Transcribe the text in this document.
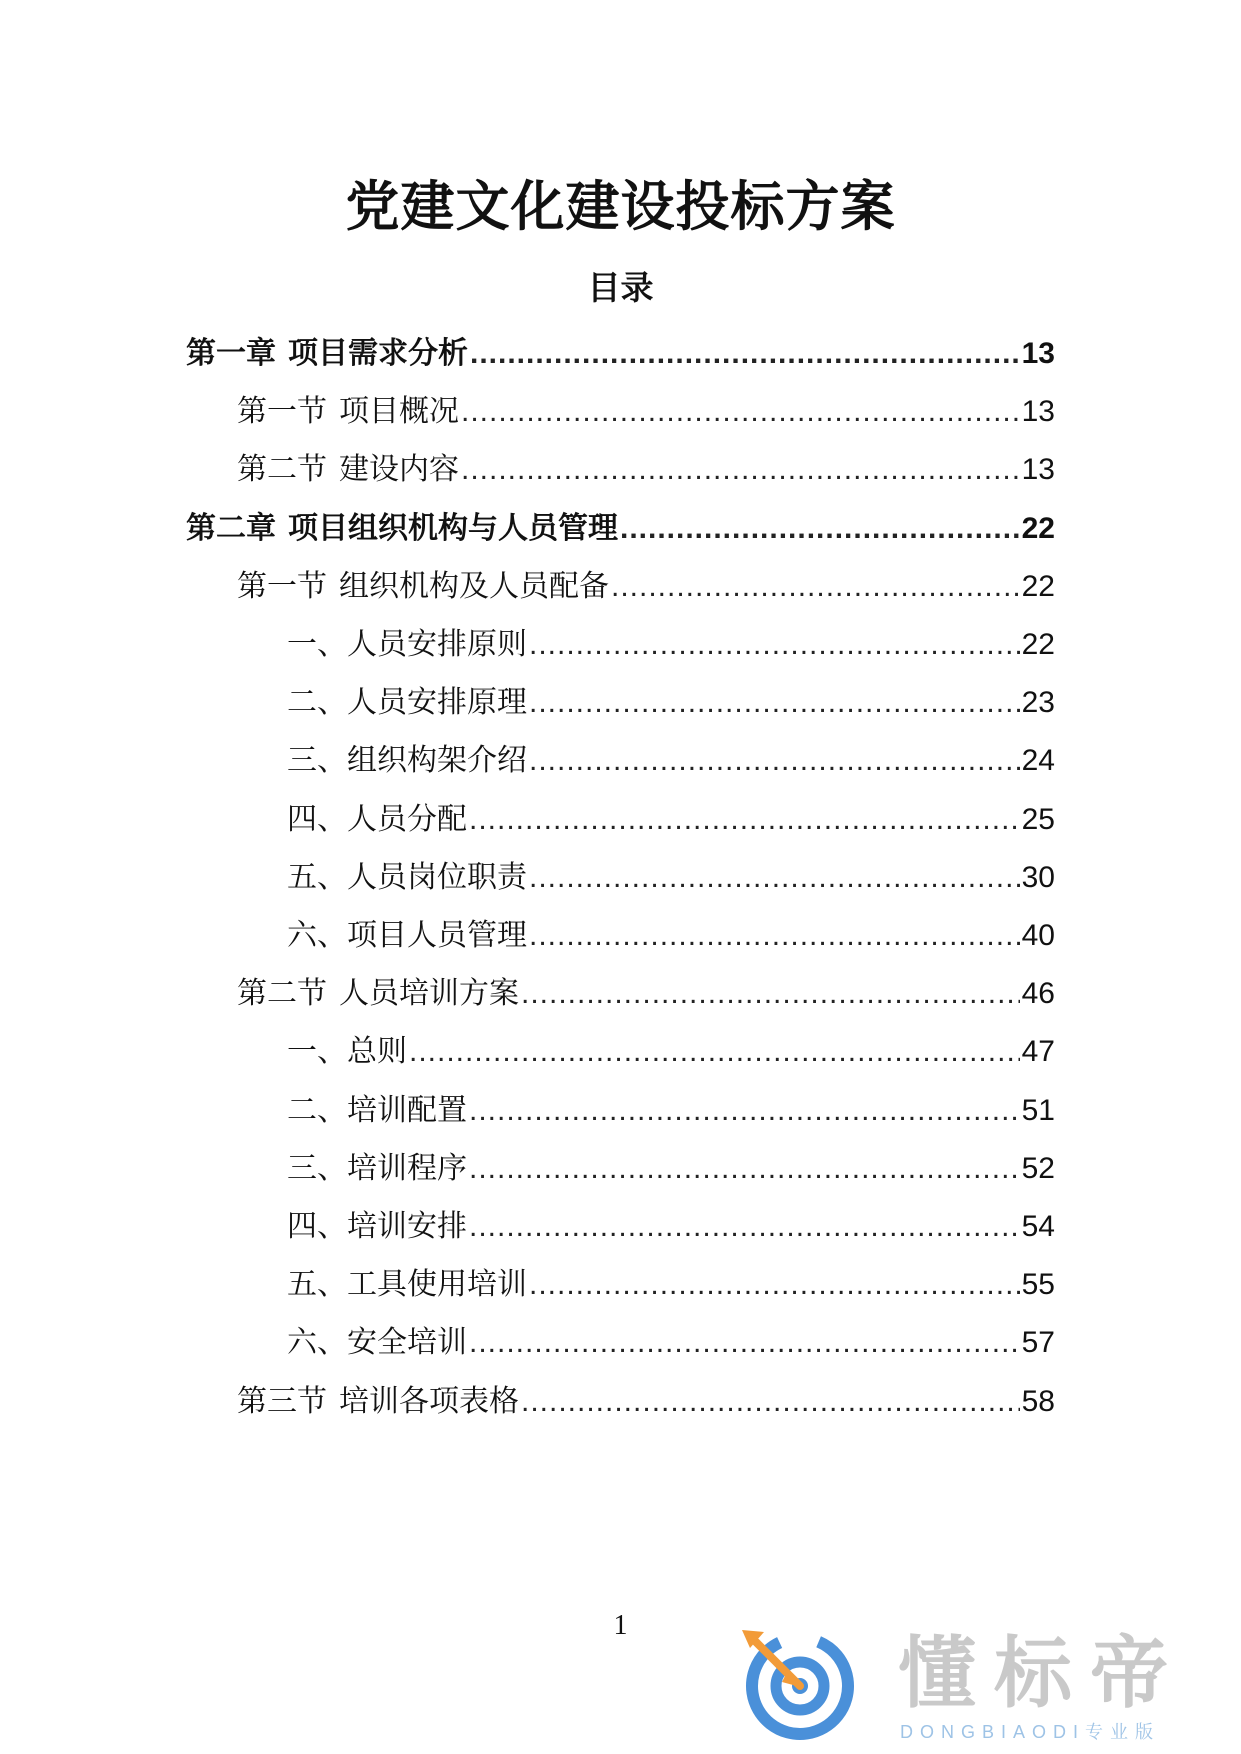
党建文化建设投标方案
目录
第一章 项目需求分析 .....	13
第一节 项目概况 .....	13
第二节 建设内容 .....	13
第二章 项目组织机构与人员管理 .....	22
第一节 组织机构及人员配备 .....	22
一、人员安排原则 .....	22
二、人员安排原理 .....	23
三、组织构架介绍 .....	24
四、人员分配 .....	25
五、人员岗位职责 .....	30
六、项目人员管理 .....	40
第二节 人员培训方案 .....	46
一、总则 .....	47
二、培训配置 .....	51
三、培训程序 .....	52
四、培训安排 .....	54
五、工具使用培训 .....	55
六、安全培训 .....	57
第三节 培训各项表格 .....	58
1
懂标帝
DONGBIAODI专业版
